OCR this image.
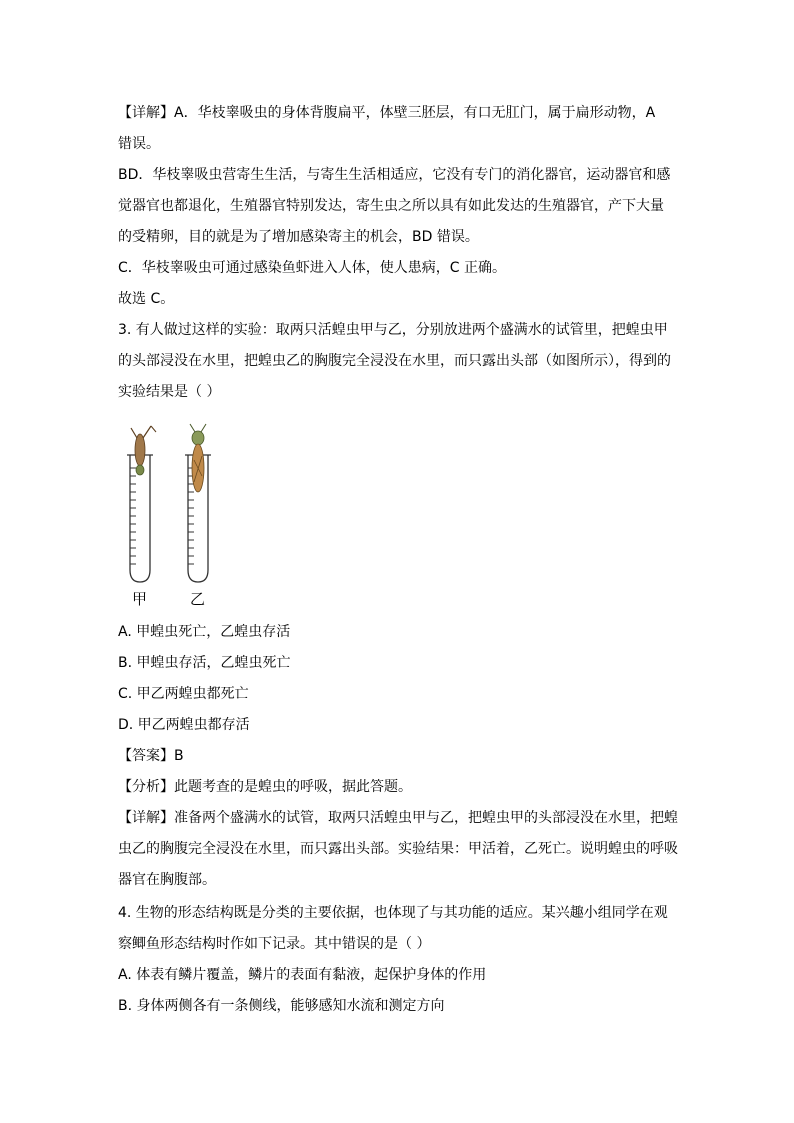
【详解】A．华枝睾吸虫的身体背腹扁平，体壁三胚层，有口无肛门，属于扁形动物，A
错误。
BD．华枝睾吸虫营寄生生活，与寄生生活相适应，它没有专门的消化器官，运动器官和感
觉器官也都退化，生殖器官特别发达，寄生虫之所以具有如此发达的生殖器官，产下大量
的受精卵，目的就是为了增加感染寄主的机会，BD 错误。
C．华枝睾吸虫可通过感染鱼虾进入人体，使人患病，C 正确。
故选 C。
3. 有人做过这样的实验：取两只活蝗虫甲与乙，分别放进两个盛满水的试管里，把蝗虫甲
的头部浸没在水里，把蝗虫乙的胸腹完全浸没在水里，而只露出头部（如图所示），得到的
实验结果是（ ）
甲	乙
A. 甲蝗虫死亡，乙蝗虫存活
B. 甲蝗虫存活，乙蝗虫死亡
C. 甲乙两蝗虫都死亡
D. 甲乙两蝗虫都存活
【答案】B
【分析】此题考查的是蝗虫的呼吸，据此答题。
【详解】准备两个盛满水的试管，取两只活蝗虫甲与乙，把蝗虫甲的头部浸没在水里，把蝗
虫乙的胸腹完全浸没在水里，而只露出头部。实验结果：甲活着，乙死亡。说明蝗虫的呼吸
器官在胸腹部。
4. 生物的形态结构既是分类的主要依据，也体现了与其功能的适应。某兴趣小组同学在观
察鲫鱼形态结构时作如下记录。其中错误的是（ ）
A. 体表有鳞片覆盖，鳞片的表面有黏液，起保护身体的作用
B. 身体两侧各有一条侧线，能够感知水流和测定方向
